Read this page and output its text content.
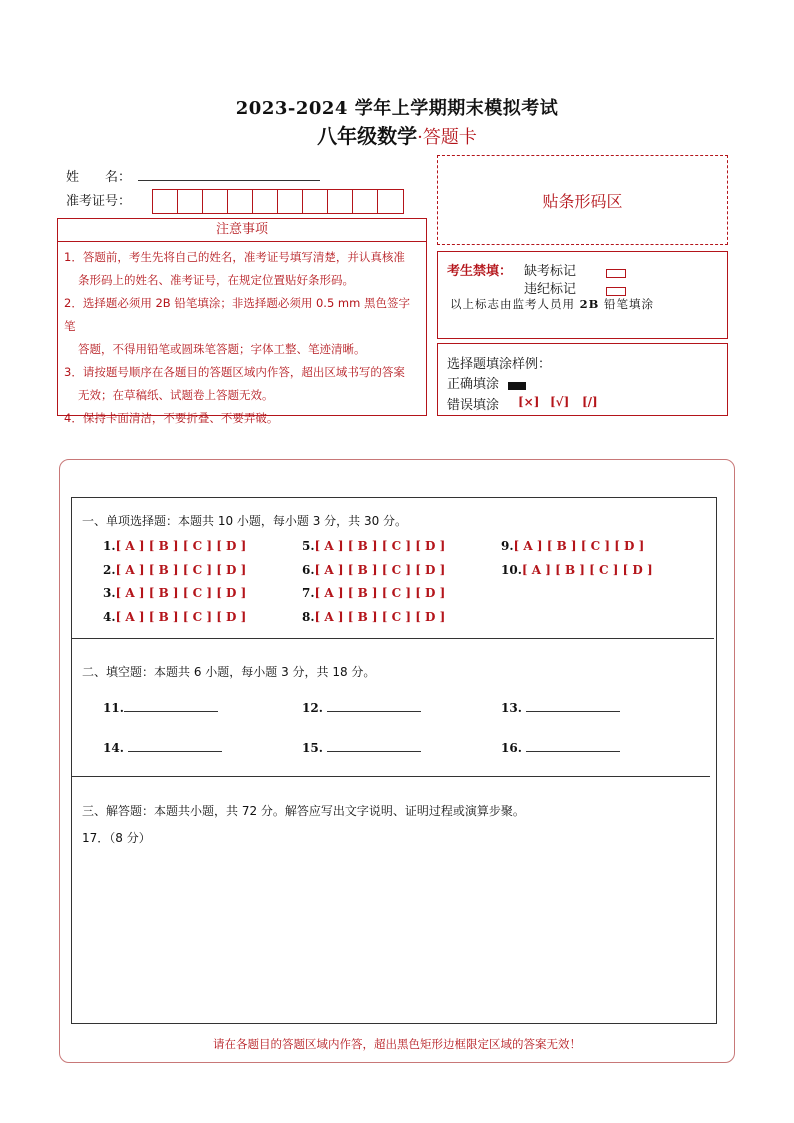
2023-2024 学年上学期期末模拟考试
八年级数学·答题卡
姓　　名：
准考证号：	贴条形码区
注意事项
1．答题前，考生先将自己的姓名，准考证号填写清楚，并认真核准
条形码上的姓名、准考证号，在规定位置贴好条形码。
2．选择题必须用 2B 铅笔填涂；非选择题必须用 0.5 mm 黑色签字笔
答题，不得用铅笔或圆珠笔答题；字体工整、笔迹清晰。
3．请按题号顺序在各题目的答题区域内作答，超出区域书写的答案
无效；在草稿纸、试题卷上答题无效。
4．保持卡面清洁，不要折叠、不要弄破。
考生禁填： 缺考标记
违纪标记
以上标志由监考人员用 2B 铅笔填涂
选择题填涂样例：
正确填涂
错误填涂 [×] [√] [/]
一、单项选择题：本题共 10 小题，每小题 3 分，共 30 分。
1.[ A ] [ B ] [ C ] [ D ]
2.[ A ] [ B ] [ C ] [ D ]
3.[ A ] [ B ] [ C ] [ D ]
4.[ A ] [ B ] [ C ] [ D ]
5.[ A ] [ B ] [ C ] [ D ]
6.[ A ] [ B ] [ C ] [ D ]
7.[ A ] [ B ] [ C ] [ D ]
8.[ A ] [ B ] [ C ] [ D ]
9.[ A ] [ B ] [ C ] [ D ]
10.[ A ] [ B ] [ C ] [ D ]
二、填空题：本题共 6 小题，每小题 3 分，共 18 分。
11.	12.	13.
14.	15.	16.
三、解答题：本题共小题，共 72 分。解答应写出文字说明、证明过程或演算步聚。
17．（8 分）
请在各题目的答题区域内作答，超出黑色矩形边框限定区域的答案无效！
